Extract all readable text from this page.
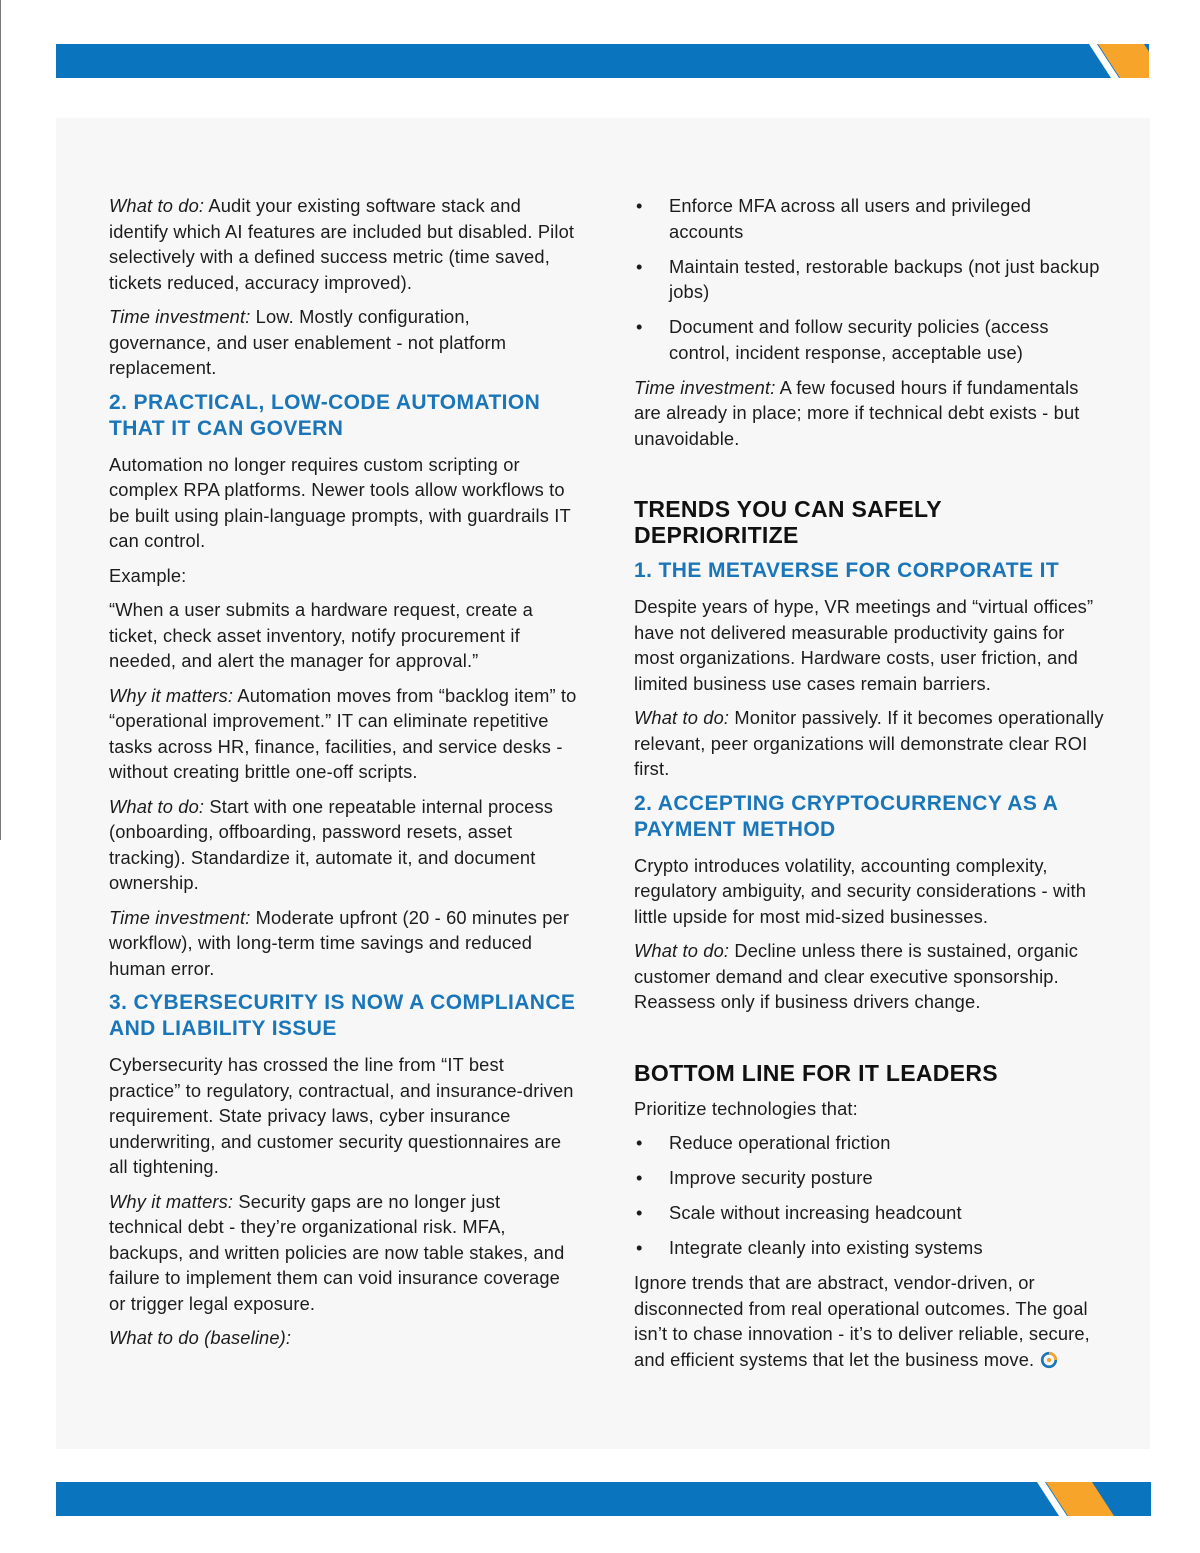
What to do: Audit your existing software stack and identify which AI features are included but disabled. Pilot selectively with a defined success metric (time saved, tickets reduced, accuracy improved).

Time investment: Low. Mostly configuration, governance, and user enablement - not platform replacement.

2. PRACTICAL, LOW-CODE AUTOMATION THAT IT CAN GOVERN

Automation no longer requires custom scripting or complex RPA platforms. Newer tools allow workflows to be built using plain-language prompts, with guardrails IT can control.

Example:

“When a user submits a hardware request, create a ticket, check asset inventory, notify procurement if needed, and alert the manager for approval.”

Why it matters: Automation moves from “backlog item” to “operational improvement.” IT can eliminate repetitive tasks across HR, finance, facilities, and service desks - without creating brittle one-off scripts.

What to do: Start with one repeatable internal process (onboarding, offboarding, password resets, asset tracking). Standardize it, automate it, and document ownership.

Time investment: Moderate upfront (20 - 60 minutes per workflow), with long-term time savings and reduced human error.

3. CYBERSECURITY IS NOW A COMPLIANCE AND LIABILITY ISSUE

Cybersecurity has crossed the line from “IT best practice” to regulatory, contractual, and insurance-driven requirement. State privacy laws, cyber insurance underwriting, and customer security questionnaires are all tightening.

Why it matters: Security gaps are no longer just technical debt - they’re organizational risk. MFA, backups, and written policies are now table stakes, and failure to implement them can void insurance coverage or trigger legal exposure.

What to do (baseline):

• Enforce MFA across all users and privileged accounts
• Maintain tested, restorable backups (not just backup jobs)
• Document and follow security policies (access control, incident response, acceptable use)

Time investment: A few focused hours if fundamentals are already in place; more if technical debt exists - but unavoidable.

TRENDS YOU CAN SAFELY DEPRIORITIZE
1. THE METAVERSE FOR CORPORATE IT

Despite years of hype, VR meetings and “virtual offices” have not delivered measurable productivity gains for most organizations. Hardware costs, user friction, and limited business use cases remain barriers.

What to do: Monitor passively. If it becomes operationally relevant, peer organizations will demonstrate clear ROI first.

2. ACCEPTING CRYPTOCURRENCY AS A PAYMENT METHOD

Crypto introduces volatility, accounting complexity, regulatory ambiguity, and security considerations - with little upside for most mid-sized businesses.

What to do: Decline unless there is sustained, organic customer demand and clear executive sponsorship. Reassess only if business drivers change.

BOTTOM LINE FOR IT LEADERS

Prioritize technologies that:

• Reduce operational friction
• Improve security posture
• Scale without increasing headcount
• Integrate cleanly into existing systems

Ignore trends that are abstract, vendor-driven, or disconnected from real operational outcomes. The goal isn’t to chase innovation - it’s to deliver reliable, secure, and efficient systems that let the business move.
